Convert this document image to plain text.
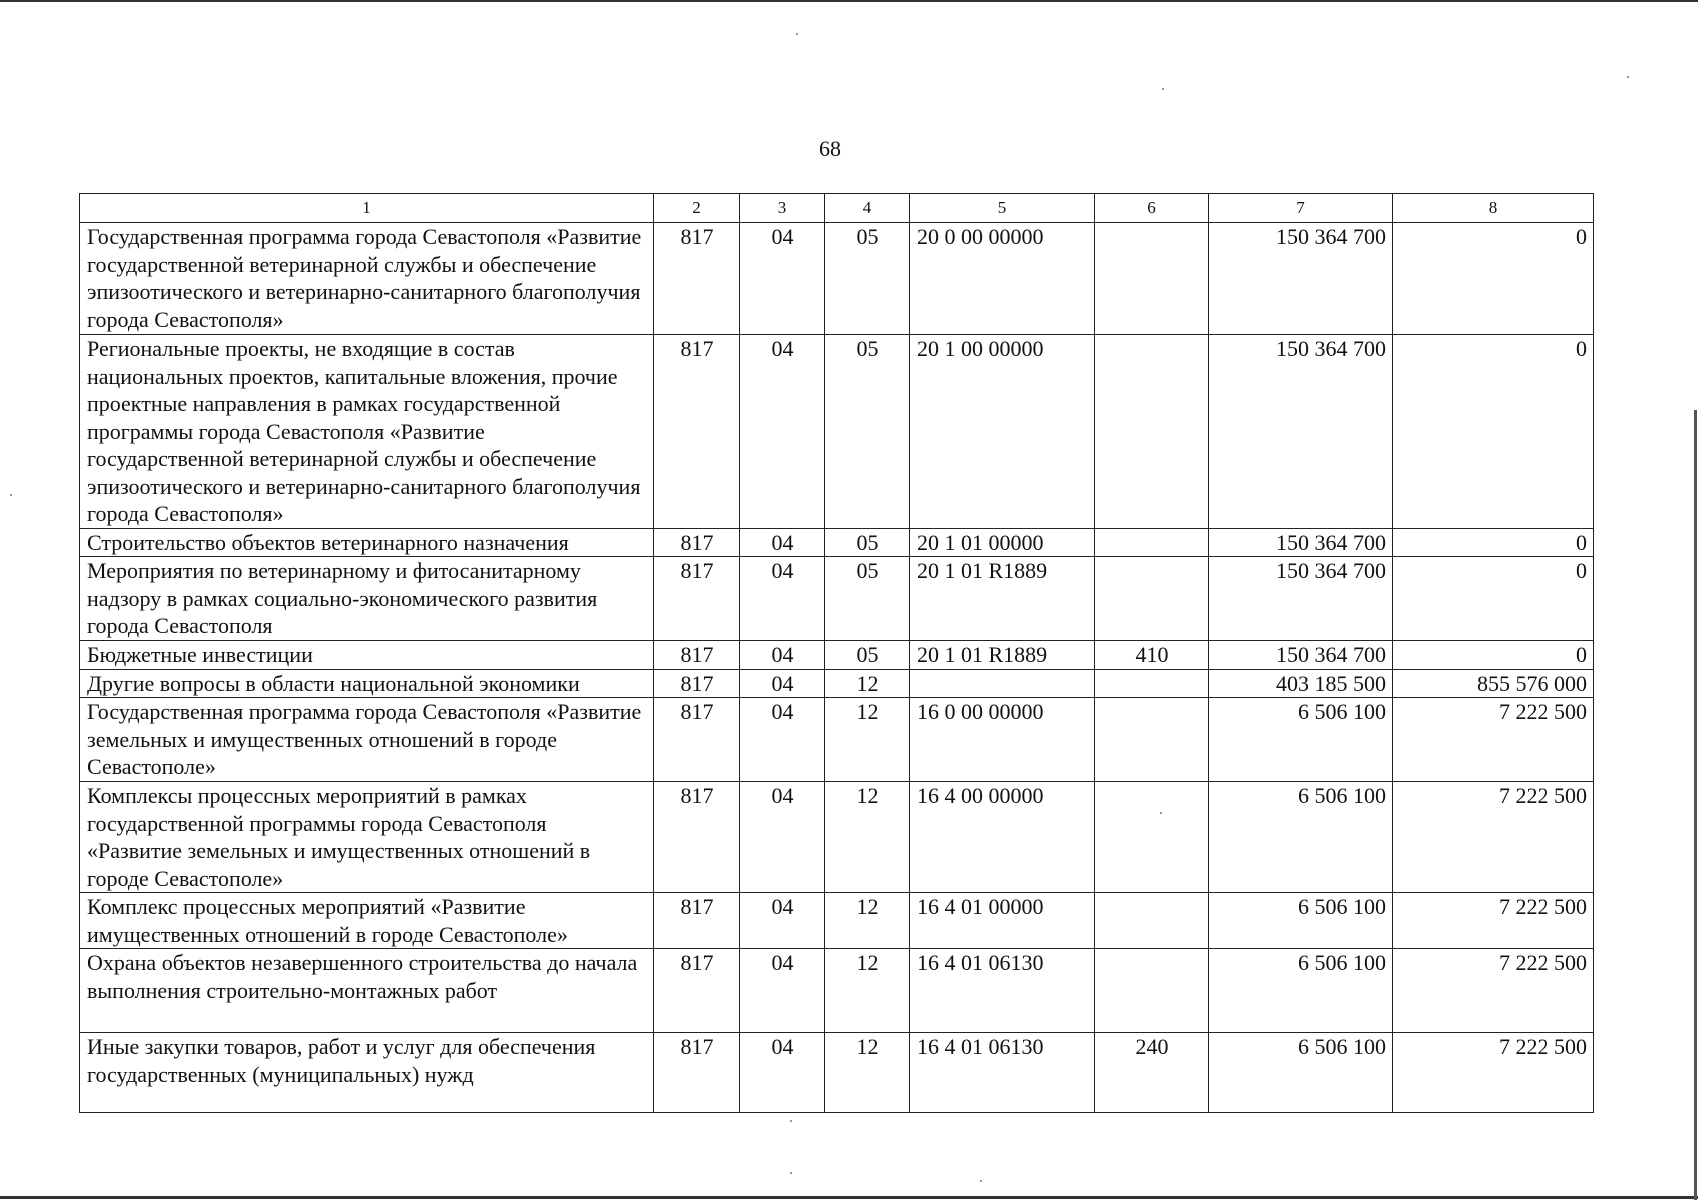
68
1	2	3	4	5	6	7	8
Государственная программа города Севастополя «Развитие государственной ветеринарной службы и обеспечение эпизоотического и ветеринарно-санитарного благополучия города Севастополя»	817	04	05	20 0 00 00000		150 364 700	0
Региональные проекты, не входящие в состав национальных проектов, капитальные вложения, прочие проектные направления в рамках государственной программы города Севастополя «Развитие государственной ветеринарной службы и обеспечение эпизоотического и ветеринарно-санитарного благополучия города Севастополя»	817	04	05	20 1 00 00000		150 364 700	0
Строительство объектов ветеринарного назначения	817	04	05	20 1 01 00000		150 364 700	0
Мероприятия по ветеринарному и фитосанитарному надзору в рамках социально-экономического развития города Севастополя	817	04	05	20 1 01 R1889		150 364 700	0
Бюджетные инвестиции	817	04	05	20 1 01 R1889	410	150 364 700	0
Другие вопросы в области национальной экономики	817	04	12			403 185 500	855 576 000
Государственная программа города Севастополя «Развитие земельных и имущественных отношений в городе Севастополе»	817	04	12	16 0 00 00000		6 506 100	7 222 500
Комплексы процессных мероприятий в рамках государственной программы города Севастополя «Развитие земельных и имущественных отношений в городе Севастополе»	817	04	12	16 4 00 00000		6 506 100	7 222 500
Комплекс процессных мероприятий «Развитие имущественных отношений в городе Севастополе»	817	04	12	16 4 01 00000		6 506 100	7 222 500
Охрана объектов незавершенного строительства до начала выполнения строительно-монтажных работ	817	04	12	16 4 01 06130		6 506 100	7 222 500
Иные закупки товаров, работ и услуг для обеспечения государственных (муниципальных) нужд	817	04	12	16 4 01 06130	240	6 506 100	7 222 500
